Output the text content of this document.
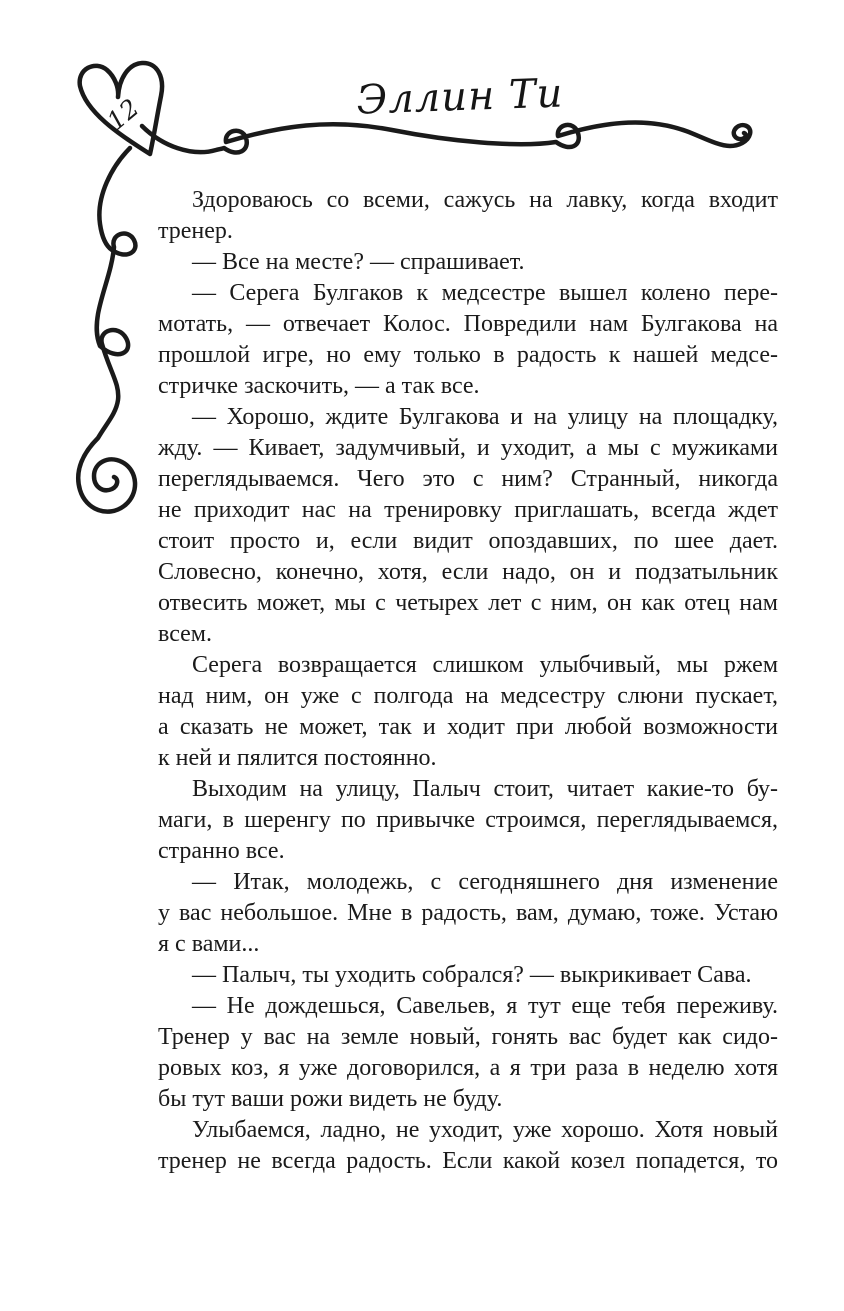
12	Эллин Ти
Здороваюсь со всеми, сажусь на лавку, когда входит
тренер.
— Все на месте? — спрашивает.
— Серега Булгаков к медсестре вышел колено пере-
мотать, — отвечает Колос. Повредили нам Булгакова на
прошлой игре, но ему только в радость к нашей медсе-
стричке заскочить, — а так все.
— Хорошо, ждите Булгакова и на улицу на площадку,
жду. — Кивает, задумчивый, и уходит, а мы с мужиками
переглядываемся. Чего это с ним? Странный, никогда
не приходит нас на тренировку приглашать, всегда ждет
стоит просто и, если видит опоздавших, по шее дает.
Словесно, конечно, хотя, если надо, он и подзатыльник
отвесить может, мы с четырех лет с ним, он как отец нам
всем.
Серега возвращается слишком улыбчивый, мы ржем
над ним, он уже с полгода на медсестру слюни пускает,
а сказать не может, так и ходит при любой возможности
к ней и пялится постоянно.
Выходим на улицу, Палыч стоит, читает какие-то бу-
маги, в шеренгу по привычке строимся, переглядываемся,
странно все.
— Итак, молодежь, с сегодняшнего дня изменение
у вас небольшое. Мне в радость, вам, думаю, тоже. Устаю
я с вами...
— Палыч, ты уходить собрался? — выкрикивает Сава.
— Не дождешься, Савельев, я тут еще тебя переживу.
Тренер у вас на земле новый, гонять вас будет как сидо-
ровых коз, я уже договорился, а я три раза в неделю хотя
бы тут ваши рожи видеть не буду.
Улыбаемся, ладно, не уходит, уже хорошо. Хотя новый
тренер не всегда радость. Если какой козел попадется, то
